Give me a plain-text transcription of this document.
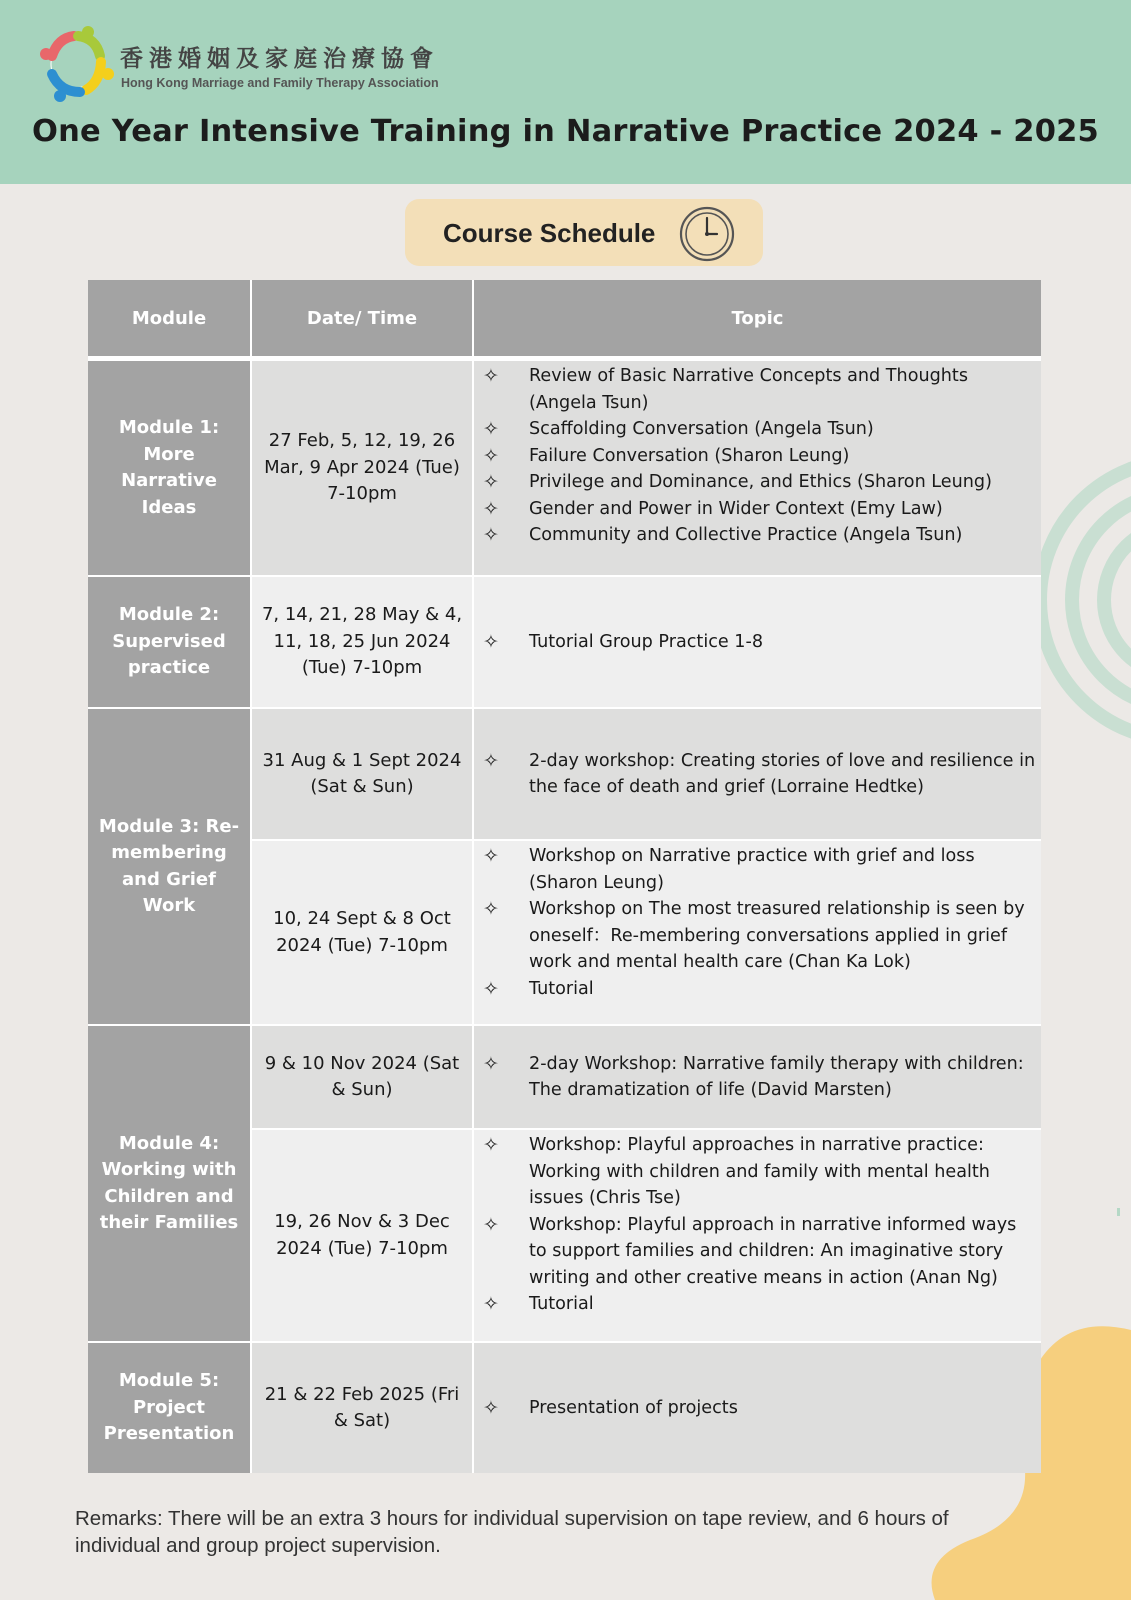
香港婚姻及家庭治療協會
Hong Kong Marriage and Family Therapy Association
One Year Intensive Training in Narrative Practice 2024 - 2025
Course Schedule
Module	Date/ Time	Topic
Module 1: More Narrative Ideas
27 Feb, 5, 12, 19, 26 Mar, 9 Apr 2024 (Tue) 7-10pm
✧ Review of Basic Narrative Concepts and Thoughts (Angela Tsun)
✧ Scaffolding Conversation (Angela Tsun)
✧ Failure Conversation (Sharon Leung)
✧ Privilege and Dominance, and Ethics (Sharon Leung)
✧ Gender and Power in Wider Context (Emy Law)
✧ Community and Collective Practice (Angela Tsun)
Module 2: Supervised practice
7, 14, 21, 28 May & 4, 11, 18, 25 Jun 2024 (Tue) 7-10pm
✧ Tutorial Group Practice 1-8
Module 3: Re-membering and Grief Work
31 Aug & 1 Sept 2024 (Sat & Sun)
✧ 2-day workshop: Creating stories of love and resilience in the face of death and grief (Lorraine Hedtke)
10, 24 Sept & 8 Oct 2024 (Tue) 7-10pm
✧ Workshop on Narrative practice with grief and loss (Sharon Leung)
✧ Workshop on The most treasured relationship is seen by oneself：Re-membering conversations applied in grief work and mental health care (Chan Ka Lok)
✧ Tutorial
Module 4: Working with Children and their Families
9 & 10 Nov 2024 (Sat & Sun)
✧ 2-day Workshop: Narrative family therapy with children: The dramatization of life (David Marsten)
19, 26 Nov & 3 Dec 2024 (Tue) 7-10pm
✧ Workshop: Playful approaches in narrative practice: Working with children and family with mental health issues (Chris Tse)
✧ Workshop: Playful approach in narrative informed ways to support families and children: An imaginative story writing and other creative means in action (Anan Ng)
✧ Tutorial
Module 5: Project Presentation
21 & 22 Feb 2025 (Fri & Sat)
✧ Presentation of projects
Remarks: There will be an extra 3 hours for individual supervision on tape review, and 6 hours of individual and group project supervision.
